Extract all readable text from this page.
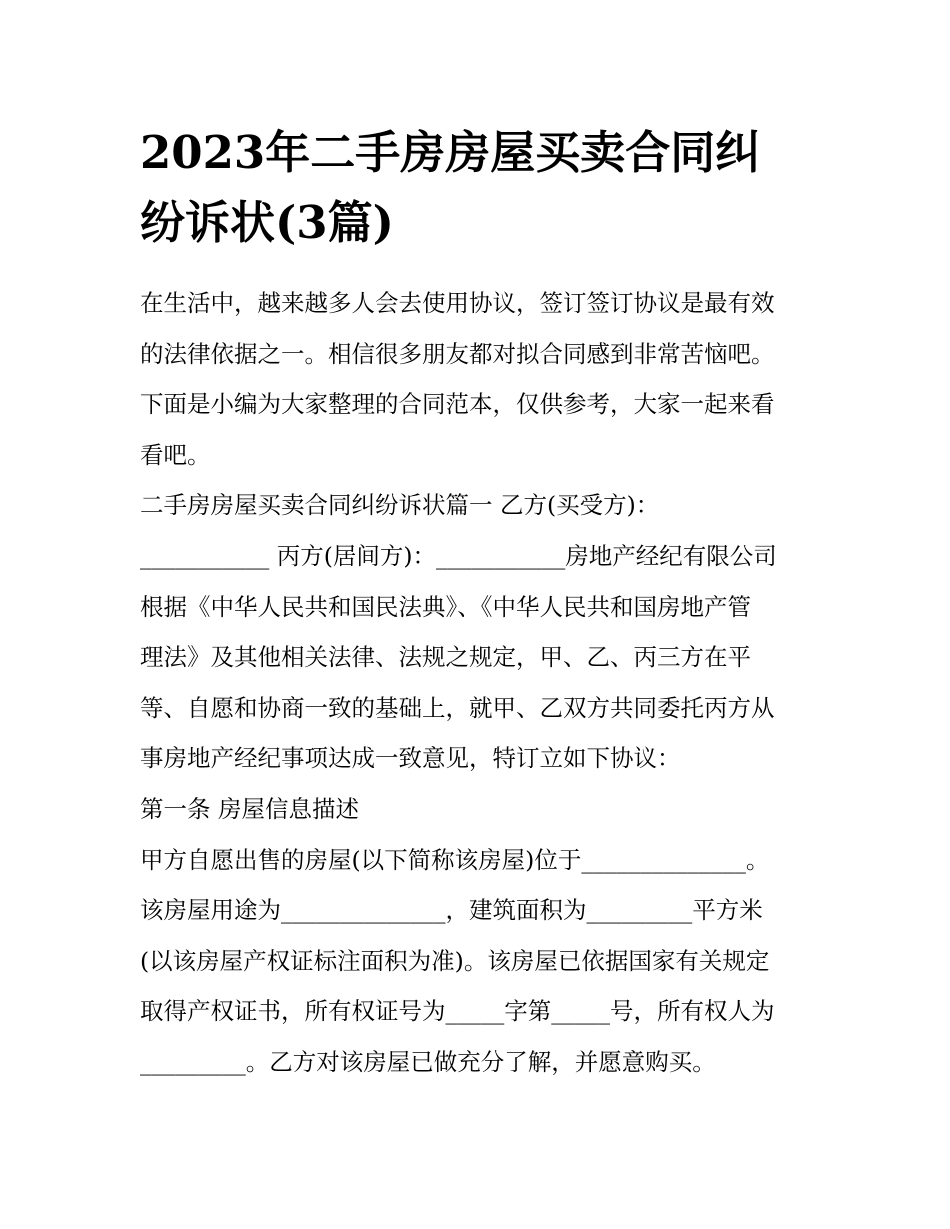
2023年二手房房屋买卖合同纠
纷诉状(3篇)
在生活中，越来越多人会去使用协议，签订签订协议是最有效
的法律依据之一。相信很多朋友都对拟合同感到非常苦恼吧。
下面是小编为大家整理的合同范本，仅供参考，大家一起来看
看吧。
二手房房屋买卖合同纠纷诉状篇一 乙方(买受方)：
___________ 丙方(居间方)：___________房地产经纪有限公司
根据《中华人民共和国民法典》、《中华人民共和国房地产管
理法》及其他相关法律、法规之规定，甲、乙、丙三方在平
等、自愿和协商一致的基础上，就甲、乙双方共同委托丙方从
事房地产经纪事项达成一致意见，特订立如下协议：
第一条 房屋信息描述
甲方自愿出售的房屋(以下简称该房屋)位于______________。
该房屋用途为______________，建筑面积为_________平方米
(以该房屋产权证标注面积为准)。该房屋已依据国家有关规定
取得产权证书，所有权证号为_____字第_____号，所有权人为
_________。乙方对该房屋已做充分了解，并愿意购买。
